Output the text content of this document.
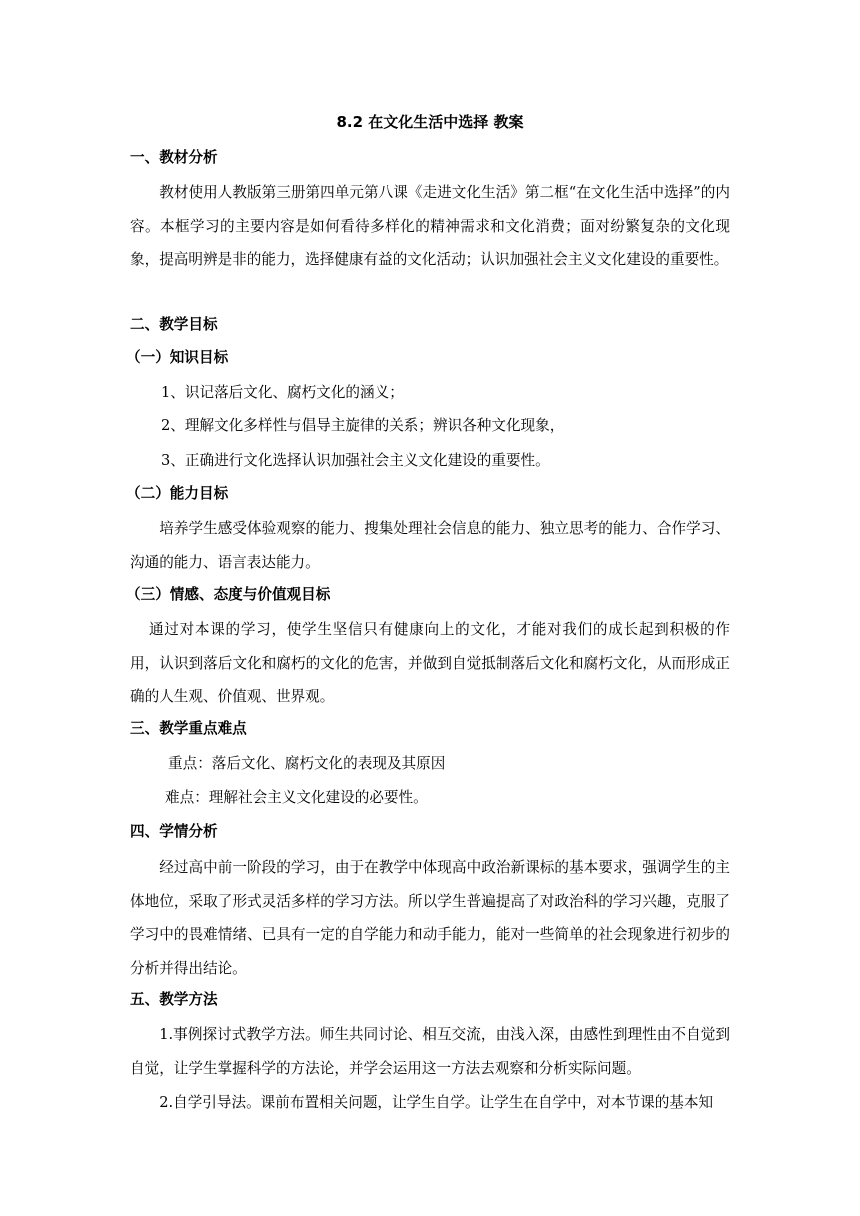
8.2 在文化生活中选择 教案
一、教材分析
教材使用人教版第三册第四单元第八课《走进文化生活》第二框“在文化生活中选择”的内容。本框学习的主要内容是如何看待多样化的精神需求和文化消费；面对纷繁复杂的文化现象，提高明辨是非的能力，选择健康有益的文化活动；认识加强社会主义文化建设的重要性。
二、教学目标
（一）知识目标
1、识记落后文化、腐朽文化的涵义；
2、理解文化多样性与倡导主旋律的关系；辨识各种文化现象，
3、正确进行文化选择认识加强社会主义文化建设的重要性。
（二）能力目标
培养学生感受体验观察的能力、搜集处理社会信息的能力、独立思考的能力、合作学习、沟通的能力、语言表达能力。
（三）情感、态度与价值观目标
通过对本课的学习，使学生坚信只有健康向上的文化，才能对我们的成长起到积极的作用，认识到落后文化和腐朽的文化的危害，并做到自觉抵制落后文化和腐朽文化，从而形成正确的人生观、价值观、世界观。
三、教学重点难点
重点：落后文化、腐朽文化的表现及其原因
难点：理解社会主义文化建设的必要性。
四、学情分析
经过高中前一阶段的学习，由于在教学中体现高中政治新课标的基本要求，强调学生的主体地位，采取了形式灵活多样的学习方法。所以学生普遍提高了对政治科的学习兴趣，克服了学习中的畏难情绪、已具有一定的自学能力和动手能力，能对一些简单的社会现象进行初步的分析并得出结论。
五、教学方法
1.事例探讨式教学方法。师生共同讨论、相互交流，由浅入深，由感性到理性由不自觉到自觉，让学生掌握科学的方法论，并学会运用这一方法去观察和分析实际问题。
2.自学引导法。课前布置相关问题，让学生自学。让学生在自学中，对本节课的基本知
